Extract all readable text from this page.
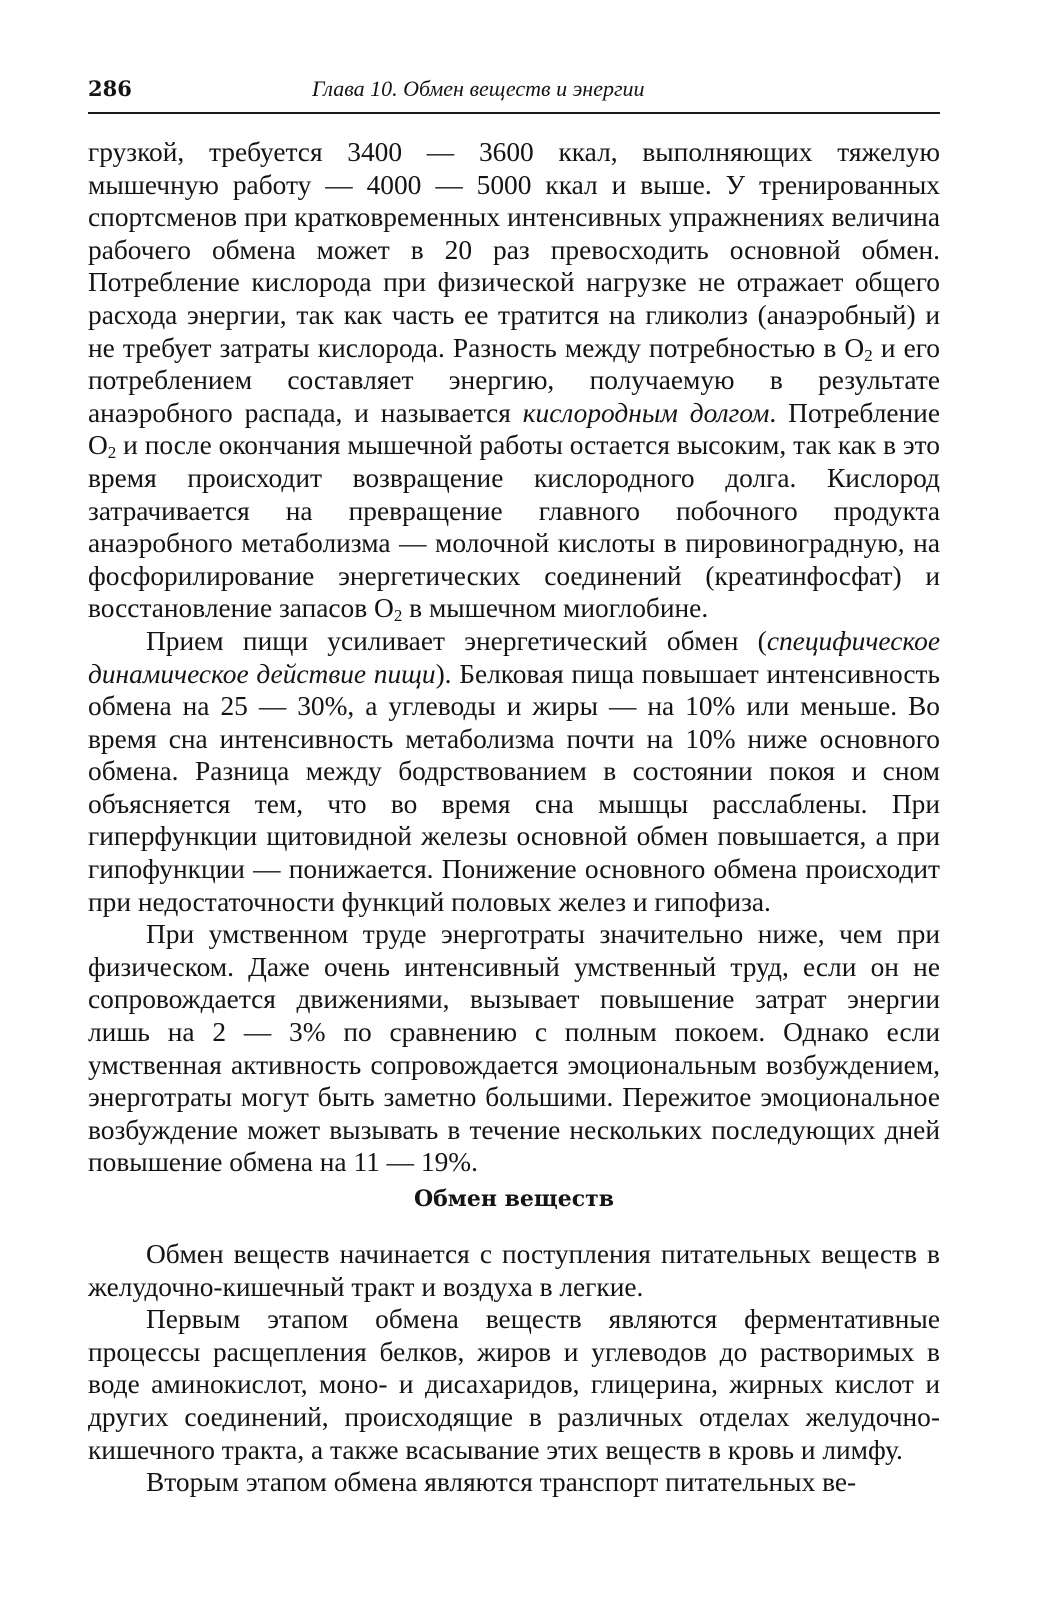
286	Глава 10. Обмен веществ и энергии

грузкой, требуется 3400 — 3600 ккал, выполняющих тяжелую мышечную работу — 4000 — 5000 ккал и выше. У тренированных спортсменов при кратковременных интенсивных упражнениях величина рабочего обмена может в 20 раз превосходить основной обмен. Потребление кислорода при физической нагрузке не отражает общего расхода энергии, так как часть ее тратится на гликолиз (анаэробный) и не требует затраты кислорода. Разность между потребностью в $O_2$ и его потреблением составляет энергию, получаемую в результате анаэробного распада, и называется кислородным долгом. Потребление $O_2$ и после окончания мышечной работы остается высоким, так как в это время происходит возвращение кислородного долга. Кислород затрачивается на превращение главного побочного продукта анаэробного метаболизма — молочной кислоты в пировиноградную, на фосфорилирование энергетических соединений (креатинфосфат) и восстановление запасов $O_2$ в мышечном миоглобине.

Прием пищи усиливает энергетический обмен (специфическое динамическое действие пищи). Белковая пища повышает интенсивность обмена на 25 — 30%, а углеводы и жиры — на 10% или меньше. Во время сна интенсивность метаболизма почти на 10% ниже основного обмена. Разница между бодрствованием в состоянии покоя и сном объясняется тем, что во время сна мышцы расслаблены. При гиперфункции щитовидной железы основной обмен повышается, а при гипофункции — понижается. Понижение основного обмена происходит при недостаточности функций половых желез и гипофиза.

При умственном труде энерготраты значительно ниже, чем при физическом. Даже очень интенсивный умственный труд, если он не сопровождается движениями, вызывает повышение затрат энергии лишь на 2 — 3% по сравнению с полным покоем. Однако если умственная активность сопровождается эмоциональным возбуждением, энерготраты могут быть заметно большими. Пережитое эмоциональное возбуждение может вызывать в течение нескольких последующих дней повышение обмена на 11 — 19%.

Обмен веществ

Обмен веществ начинается с поступления питательных веществ в желудочно-кишечный тракт и воздуха в легкие.

Первым этапом обмена веществ являются ферментативные процессы расщепления белков, жиров и углеводов до растворимых в воде аминокислот, моно- и дисахаридов, глицерина, жирных кислот и других соединений, происходящие в различных отделах желудочно-кишечного тракта, а также всасывание этих веществ в кровь и лимфу.

Вторым этапом обмена являются транспорт питательных ве-
